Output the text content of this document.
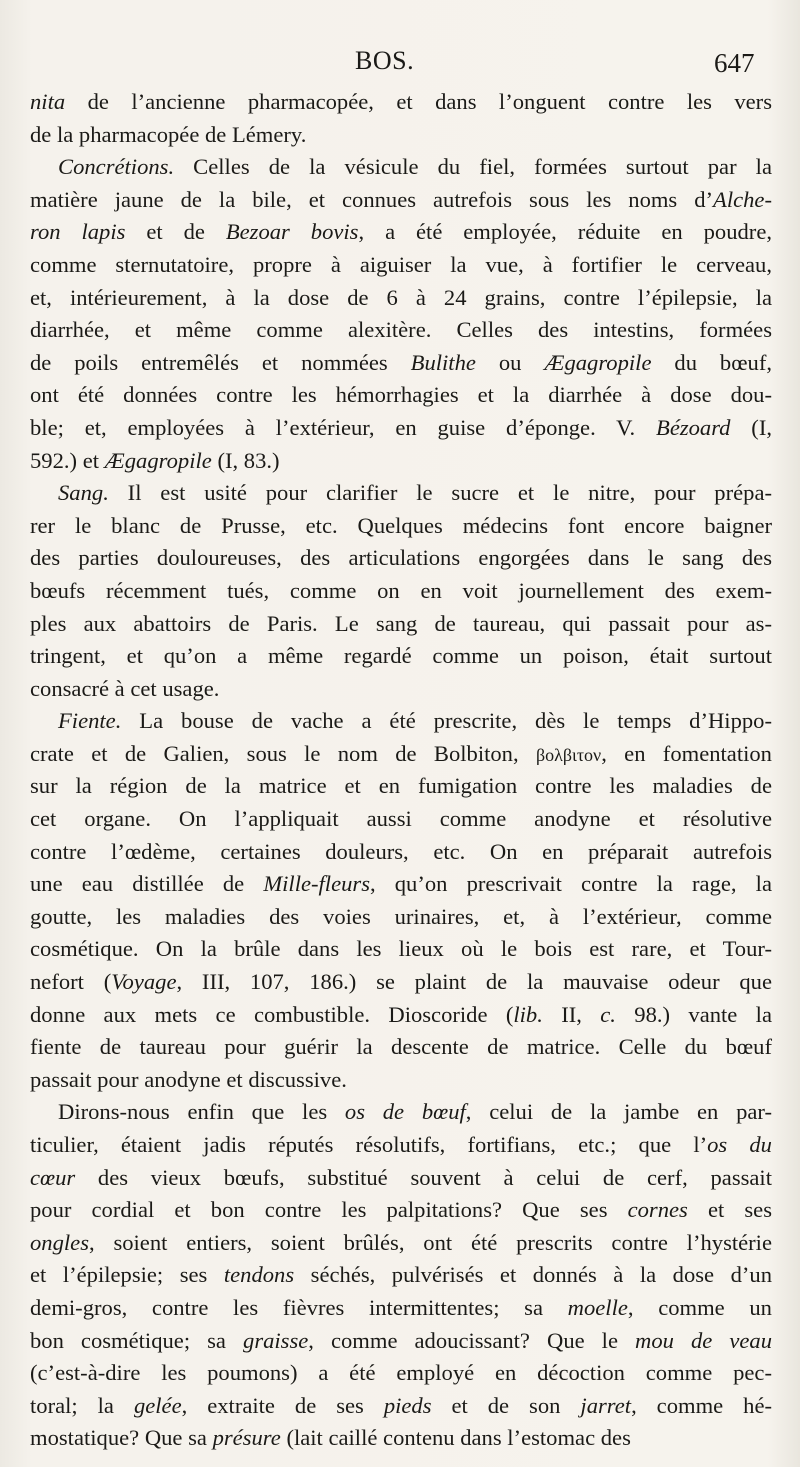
BOS.	647
nita de l’ancienne pharmacopée, et dans l’onguent contre les vers
de la pharmacopée de Lémery.
Concrétions. Celles de la vésicule du fiel, formées surtout par la
matière jaune de la bile, et connues autrefois sous les noms d’Alche-
ron lapis et de Bezoar bovis, a été employée, réduite en poudre,
comme sternutatoire, propre à aiguiser la vue, à fortifier le cerveau,
et, intérieurement, à la dose de 6 à 24 grains, contre l’épilepsie, la
diarrhée, et même comme alexitère. Celles des intestins, formées
de poils entremêlés et nommées Bulithe ou Ægagropile du bœuf,
ont été données contre les hémorrhagies et la diarrhée à dose dou-
ble; et, employées à l’extérieur, en guise d’éponge. V. Bézoard (I,
592.) et Ægagropile (I, 83.)
Sang. Il est usité pour clarifier le sucre et le nitre, pour prépa-
rer le blanc de Prusse, etc. Quelques médecins font encore baigner
des parties douloureuses, des articulations engorgées dans le sang des
bœufs récemment tués, comme on en voit journellement des exem-
ples aux abattoirs de Paris. Le sang de taureau, qui passait pour as-
tringent, et qu’on a même regardé comme un poison, était surtout
consacré à cet usage.
Fiente. La bouse de vache a été prescrite, dès le temps d’Hippo-
crate et de Galien, sous le nom de Bolbiton, βολβιτον, en fomentation
sur la région de la matrice et en fumigation contre les maladies de
cet organe. On l’appliquait aussi comme anodyne et résolutive
contre l’œdème, certaines douleurs, etc. On en préparait autrefois
une eau distillée de Mille-fleurs, qu’on prescrivait contre la rage, la
goutte, les maladies des voies urinaires, et, à l’extérieur, comme
cosmétique. On la brûle dans les lieux où le bois est rare, et Tour-
nefort (Voyage, III, 107, 186.) se plaint de la mauvaise odeur que
donne aux mets ce combustible. Dioscoride (lib. II, c. 98.) vante la
fiente de taureau pour guérir la descente de matrice. Celle du bœuf
passait pour anodyne et discussive.
Dirons-nous enfin que les os de bœuf, celui de la jambe en par-
ticulier, étaient jadis réputés résolutifs, fortifians, etc.; que l’os du
cœur des vieux bœufs, substitué souvent à celui de cerf, passait
pour cordial et bon contre les palpitations? Que ses cornes et ses
ongles, soient entiers, soient brûlés, ont été prescrits contre l’hystérie
et l’épilepsie; ses tendons séchés, pulvérisés et donnés à la dose d’un
demi-gros, contre les fièvres intermittentes; sa moelle, comme un
bon cosmétique; sa graisse, comme adoucissant? Que le mou de veau
(c’est-à-dire les poumons) a été employé en décoction comme pec-
toral; la gelée, extraite de ses pieds et de son jarret, comme hé-
mostatique? Que sa présure (lait caillé contenu dans l’estomac des
